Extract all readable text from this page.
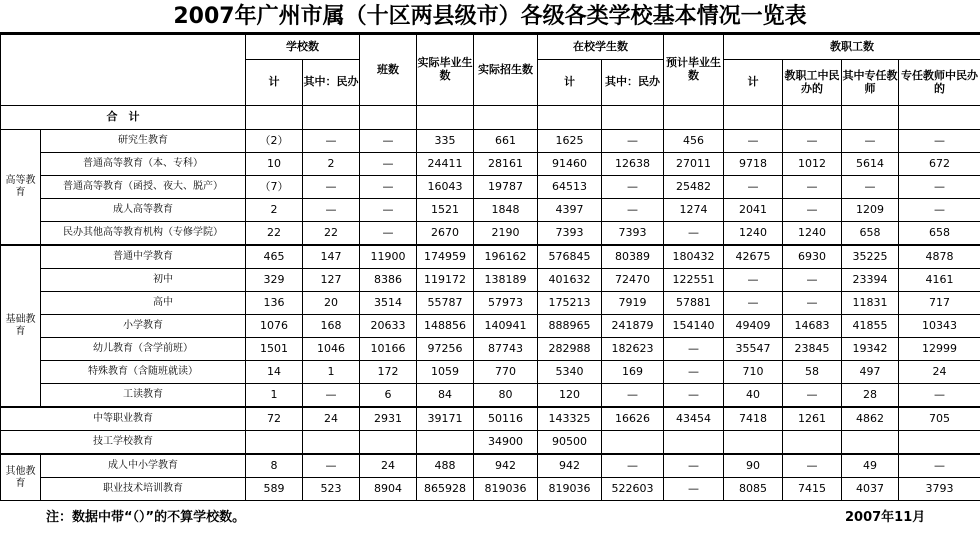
2007年广州市属（十区两县级市）各级各类学校基本情况一览表
		学校数		班数	实际毕业生数	实际招生数	在校学生数		预计毕业生数	教职工数			
		计	其中：民办				计	其中：民办		计	教职工中民办的	其中专任教师	专任教师中民办的
合　计													
高等教育	研究生教育	（2）	—	—	335	661	1625	—	456	—	—	—	—
	普通高等教育（本、专科）	10	2	—	24411	28161	91460	12638	27011	9718	1012	5614	672
	普通高等教育（函授、夜大、脱产）	（7）	—	—	16043	19787	64513	—	25482	—	—	—	—
	成人高等教育	2	—	—	1521	1848	4397	—	1274	2041	—	1209	—
	民办其他高等教育机构（专修学院）	22	22	—	2670	2190	7393	7393	—	1240	1240	658	658
基础教育	普通中学教育	465	147	11900	174959	196162	576845	80389	180432	42675	6930	35225	4878
	初中	329	127	8386	119172	138189	401632	72470	122551	—	—	23394	4161
	高中	136	20	3514	55787	57973	175213	7919	57881	—	—	11831	717
	小学教育	1076	168	20633	148856	140941	888965	241879	154140	49409	14683	41855	10343
	幼儿教育（含学前班）	1501	1046	10166	97256	87743	282988	182623	—	35547	23845	19342	12999
	特殊教育（含随班就读）	14	1	172	1059	770	5340	169	—	710	58	497	24
	工读教育	1	—	6	84	80	120	—	—	40	—	28	—
中等职业教育		72	24	2931	39171	50116	143325	16626	43454	7418	1261	4862	705
技工学校教育						34900	90500						
其他教育	成人中小学教育	8	—	24	488	942	942	—	—	90	—	49	—
	职业技术培训教育	589	523	8904	865928	819036	819036	522603	—	8085	7415	4037	3793
注：数据中带“（）”的不算学校数。	2007年11月
